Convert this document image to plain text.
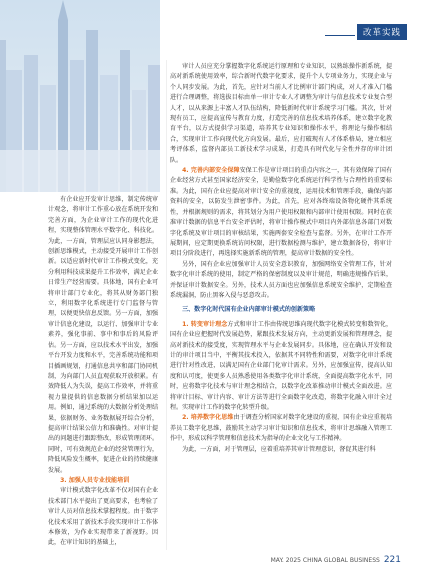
改革实践

有企业应开发审计思维，制定传统审计观念，将审计工作重心放在系统开发和完善方面，为企业审计工作的现代化进程，实现整体管理水平数字化、科技化。为此，一方面，管理层应认同身影想法，创新思维模式，主动接受开展审计工作创新。以适应新时代审计工作模式变化，充分利用科技成果提升工作效率，满足企业日常生产经营需要。具体地，国有企业可将审计部门专业化，将其从财务部门独立，利用数字化系统进行专门监督与管理，以便更快信息反馈。另一方面，加强审计信息化建设，以运行、加强审计专业素养，强化事前、事中和事后的风险评估。另一方面，应以技术水平出发，加强平台开发力度和水平，完善系统功能和项目插画规划，打通信息共享和部门协同机制，为向部门人员直观获取开放积累。有效降低人为失误，提高工作效率，并将重视力量提供的信息数据分析结果加以运用。例如，通过系统的大数据分析处理结果，依据财务、业务数据展开综合分析，提高审计结果公信力和准确性。对审计提出的问题进行跟踪整改，形成管理闭环。同时，可有效规范企业的经营管理行为，降低风险发生概率，促进企业的持续健康发展。

3. 加强人员专业技能培训

审计模式数字化改革不仅对国有企业技术部门水平提出了更高要求，也考验了审计人员对信息技术掌握程度。由于数字化技术采用了新技术手段实现审计工作体本修效，为作业实现带来了新视野。因此，在审计知识的基础上，

审计人员应充分掌握数字化系统运行原理和专业知识，以熟练操作新系统，提高对新系统使用效率，综合新时代数字化要求，提升个人专项业务力，实现企业与个人同步发展。为此，首先，应针对当前人才比例审计部门构成，对人才准入门槛进行合理调整，将选拔目标由单一审计专业人才调整为审计与信息技术专业复合型人才，以从来源上丰富人才队伍结构，降低新时代审计系统学习门槛。其次，针对现有员工，应提高宣传与教育力度，打造完善的信息技术培养体系，建立数字化教育平台，以方式提供学习渠道，培养其专业知识和操作水平，将理论与操作相结合，实现审计工作向现代化方向发展。最后，应打破现有人才体系格局，建立相应考评体系，监督内部员工新技术学习成果，打造具有时代化与全性并存的审计团队。

4. 完善内部安全保障安保工作是审计项目的重点内容之一，其有效保障了国有企业经营方式甚至国家经济安全，是勤俭数字化系统运行科学性与合理性的重要标准。为此，国有企业应提高对审计安全的重视度，运用技术和管理手段，确保内部资料的安全，以防发生泄密事件。为此，首先，应对各终端设备物化硬件其系统性，并根据规则的需求，将其划分为用户使用权限和内部审计使用权限。同时在获准审计数据的信息平台安全评估时，将审计操作模式中项目内外部信息各部门对数字化系统及审计项目的审核结果，实施两套安全检查与监督。另外，在审计工作开展期间，应定期更换系统访问权限，进行数据检测与维护，建立数据备份，将审计项目分阶段进行，再选择实施新系统的管理，提高审计数据的安全性。

另外，国有企业应加强审计人员安全意识教育，加强网络安全管理工作，针对数字化审计系统的使用，制定严格的保密制度以及审计规范，明确违规操作后果，并保证审计数据安全。另外，技术人员方面也应加强信息系统安全维护，定期检查系统漏洞，防止黑客入侵与恶意攻击。

三、数字化时代国有企业内部审计模式的创新策略

1. 转变审计理念方式和审计工作由传统思维向现代数字化模式转变和数智化，国有企业应把握时代发展趋势，紧跟技术发展方向，主动更新发展和管理理念，提高对新技术的接受度，实现管理水平与企业发展同步。具体地，应在确认开发和设计的审计项目当中，平衡其技术投入，依据其不同特性和需要，对数字化审计系统进行针对性改进，以满足国有企业部门化审计需求。另外，应加强宣传，提高认知度和认可度，使更多人员熟悉使用各类数字化审计系统，全面提高数字化水平，同时，应将数字化技术与审计理念相结合，以数字化改革推动审计模式全面改进。应将审计目标、审计内容、审计方法等进行全面数字化改造，将数字化融入审计全过程。实现审计工作的数字化转型升级。

2. 培养数字化思维由于调查分析国家对数字化建设的重视，国有企业应重视培养员工数字化思维，鼓励其主动学习审计知识和信息技术，将审计思维融入管理工作中，形成以科学管理和信息技术为指导的企业文化与工作精神。

为此，一方面，对于管理层，应着重培养其审计管理意识，督促其进行科

MAY. 2025 CHINA GLOBAL BUSINESS 221
